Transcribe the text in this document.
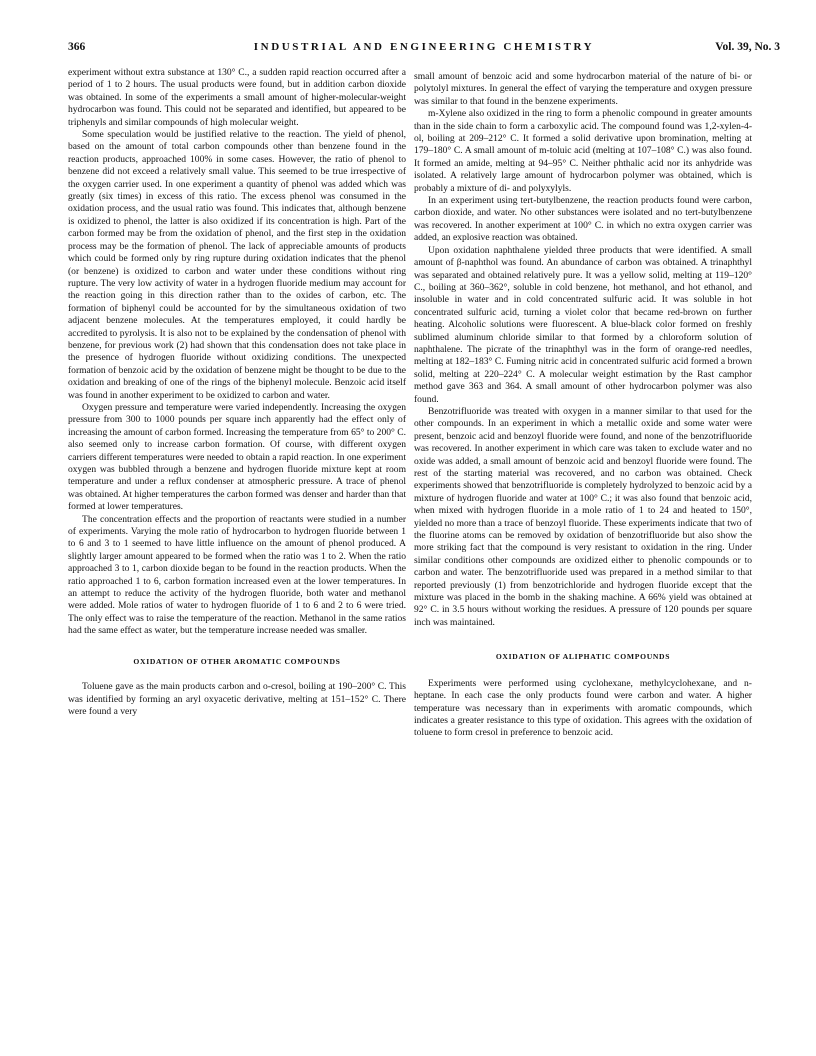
366	INDUSTRIAL AND ENGINEERING CHEMISTRY	Vol. 39, No. 3

experiment without extra substance at 130° C., a sudden rapid reaction occurred after a period of 1 to 2 hours. The usual products were found, but in addition carbon dioxide was obtained. In some of the experiments a small amount of higher-molecular-weight hydrocarbon was found. This could not be separated and identified, but appeared to be triphenyls and similar compounds of high molecular weight.

Some speculation would be justified relative to the reaction. The yield of phenol, based on the amount of total carbon compounds other than benzene found in the reaction products, approached 100% in some cases. However, the ratio of phenol to benzene did not exceed a relatively small value. This seemed to be true irrespective of the oxygen carrier used. In one experiment a quantity of phenol was added which was greatly (six times) in excess of this ratio. The excess phenol was consumed in the oxidation process, and the usual ratio was found. This indicates that, although benzene is oxidized to phenol, the latter is also oxidized if its concentration is high. Part of the carbon formed may be from the oxidation of phenol, and the first step in the oxidation process may be the formation of phenol. The lack of appreciable amounts of products which could be formed only by ring rupture during oxidation indicates that the phenol (or benzene) is oxidized to carbon and water under these conditions without ring rupture. The very low activity of water in a hydrogen fluoride medium may account for the reaction going in this direction rather than to the oxides of carbon, etc. The formation of biphenyl could be accounted for by the simultaneous oxidation of two adjacent benzene molecules. At the temperatures employed, it could hardly be accredited to pyrolysis. It is also not to be explained by the condensation of phenol with benzene, for previous work (2) had shown that this condensation does not take place in the presence of hydrogen fluoride without oxidizing conditions. The unexpected formation of benzoic acid by the oxidation of benzene might be thought to be due to the oxidation and breaking of one of the rings of the biphenyl molecule. Benzoic acid itself was found in another experiment to be oxidized to carbon and water.

Oxygen pressure and temperature were varied independently. Increasing the oxygen pressure from 300 to 1000 pounds per square inch apparently had the effect only of increasing the amount of carbon formed. Increasing the temperature from 65° to 200° C. also seemed only to increase carbon formation. Of course, with different oxygen carriers different temperatures were needed to obtain a rapid reaction. In one experiment oxygen was bubbled through a benzene and hydrogen fluoride mixture kept at room temperature and under a reflux condenser at atmospheric pressure. A trace of phenol was obtained. At higher temperatures the carbon formed was denser and harder than that formed at lower temperatures.

The concentration effects and the proportion of reactants were studied in a number of experiments. Varying the mole ratio of hydrocarbon to hydrogen fluoride between 1 to 6 and 3 to 1 seemed to have little influence on the amount of phenol produced. A slightly larger amount appeared to be formed when the ratio was 1 to 2. When the ratio approached 3 to 1, carbon dioxide began to be found in the reaction products. When the ratio approached 1 to 6, carbon formation increased even at the lower temperatures. In an attempt to reduce the activity of the hydrogen fluoride, both water and methanol were added. Mole ratios of water to hydrogen fluoride of 1 to 6 and 2 to 6 were tried. The only effect was to raise the temperature of the reaction. Methanol in the same ratios had the same effect as water, but the temperature increase needed was smaller.

OXIDATION OF OTHER AROMATIC COMPOUNDS

Toluene gave as the main products carbon and o-cresol, boiling at 190–200° C. This was identified by forming an aryl oxyacetic derivative, melting at 151–152° C. There were found a very

small amount of benzoic acid and some hydrocarbon material of the nature of bi- or polytolyl mixtures. In general the effect of varying the temperature and oxygen pressure was similar to that found in the benzene experiments.

m-Xylene also oxidized in the ring to form a phenolic compound in greater amounts than in the side chain to form a carboxylic acid. The compound found was 1,2-xylen-4-ol, boiling at 209–212° C. It formed a solid derivative upon bromination, melting at 179–180° C. A small amount of m-toluic acid (melting at 107–108° C.) was also found. It formed an amide, melting at 94–95° C. Neither phthalic acid nor its anhydride was isolated. A relatively large amount of hydrocarbon polymer was obtained, which is probably a mixture of di- and polyxylyls.

In an experiment using tert-butylbenzene, the reaction products found were carbon, carbon dioxide, and water. No other substances were isolated and no tert-butylbenzene was recovered. In another experiment at 100° C. in which no extra oxygen carrier was added, an explosive reaction was obtained.

Upon oxidation naphthalene yielded three products that were identified. A small amount of β-naphthol was found. An abundance of carbon was obtained. A trinaphthyl was separated and obtained relatively pure. It was a yellow solid, melting at 119–120° C., boiling at 360–362°, soluble in cold benzene, hot methanol, and hot ethanol, and insoluble in water and in cold concentrated sulfuric acid. It was soluble in hot concentrated sulfuric acid, turning a violet color that became red-brown on further heating. Alcoholic solutions were fluorescent. A blue-black color formed on freshly sublimed aluminum chloride similar to that formed by a chloroform solution of naphthalene. The picrate of the trinaphthyl was in the form of orange-red needles, melting at 182–183° C. Fuming nitric acid in concentrated sulfuric acid formed a brown solid, melting at 220–224° C. A molecular weight estimation by the Rast camphor method gave 363 and 364. A small amount of other hydrocarbon polymer was also found.

Benzotrifluoride was treated with oxygen in a manner similar to that used for the other compounds. In an experiment in which a metallic oxide and some water were present, benzoic acid and benzoyl fluoride were found, and none of the benzotrifluoride was recovered. In another experiment in which care was taken to exclude water and no oxide was added, a small amount of benzoic acid and benzoyl fluoride were found. The rest of the starting material was recovered, and no carbon was obtained. Check experiments showed that benzotrifluoride is completely hydrolyzed to benzoic acid by a mixture of hydrogen fluoride and water at 100° C.; it was also found that benzoic acid, when mixed with hydrogen fluoride in a mole ratio of 1 to 24 and heated to 150°, yielded no more than a trace of benzoyl fluoride. These experiments indicate that two of the fluorine atoms can be removed by oxidation of benzotrifluoride but also show the more striking fact that the compound is very resistant to oxidation in the ring. Under similar conditions other compounds are oxidized either to phenolic compounds or to carbon and water. The benzotrifluoride used was prepared in a method similar to that reported previously (1) from benzotrichloride and hydrogen fluoride except that the mixture was placed in the bomb in the shaking machine. A 66% yield was obtained at 92° C. in 3.5 hours without working the residues. A pressure of 120 pounds per square inch was maintained.

OXIDATION OF ALIPHATIC COMPOUNDS

Experiments were performed using cyclohexane, methylcyclohexane, and n-heptane. In each case the only products found were carbon and water. A higher temperature was necessary than in experiments with aromatic compounds, which indicates a greater resistance to this type of oxidation. This agrees with the oxidation of toluene to form cresol in preference to benzoic acid.
